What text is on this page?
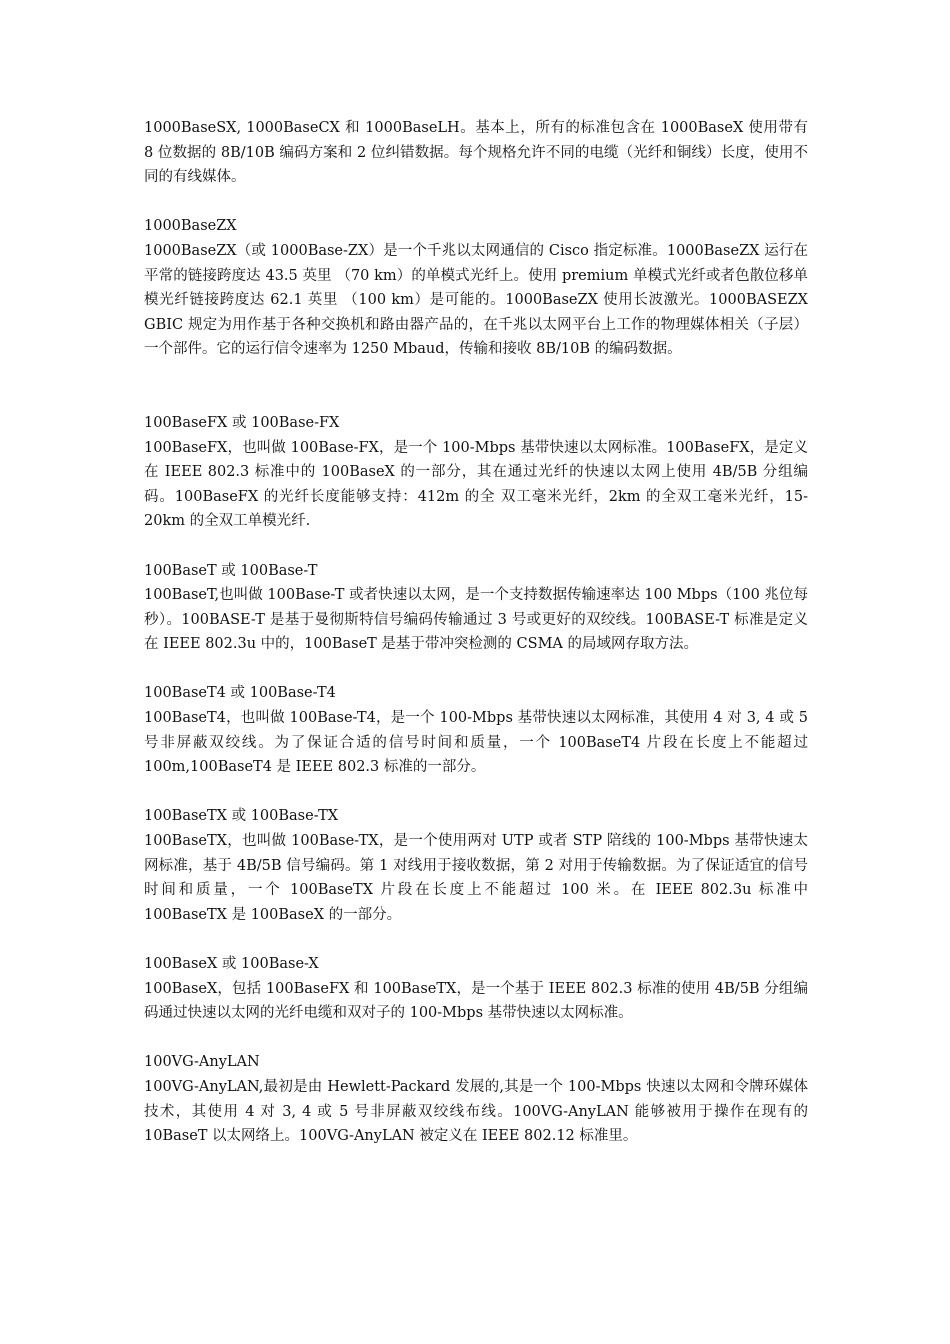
1000BaseSX, 1000BaseCX 和 1000BaseLH。基本上，所有的标准包含在 1000BaseX 使用带有 8 位数据的 8B/10B 编码方案和 2 位纠错数据。每个规格允许不同的电缆（光纤和铜线）长度，使用不同的有线媒体。

1000BaseZX

1000BaseZX（或 1000Base-ZX）是一个千兆以太网通信的 Cisco 指定标准。1000BaseZX 运行在平常的链接跨度达 43.5 英里 （70 km）的单模式光纤上。使用 premium 单模式光纤或者色散位移单模光纤链接跨度达 62.1 英里 （100 km）是可能的。1000BaseZX 使用长波激光。1000BASEZX GBIC 规定为用作基于各种交换机和路由器产品的，在千兆以太网平台上工作的物理媒体相关（子层）一个部件。它的运行信令速率为 1250 Mbaud，传输和接收 8B/10B 的编码数据。

100BaseFX 或 100Base-FX

100BaseFX，也叫做 100Base-FX，是一个 100-Mbps 基带快速以太网标准。100BaseFX，是定义在 IEEE 802.3 标准中的 100BaseX 的一部分，其在通过光纤的快速以太网上使用 4B/5B 分组编码。100BaseFX 的光纤长度能够支持：412m 的全 双工毫米光纤，2km 的全双工毫米光纤，15-20km 的全双工单模光纤.

100BaseT 或 100Base-T

100BaseT,也叫做 100Base-T 或者快速以太网，是一个支持数据传输速率达 100 Mbps（100 兆位每秒）。100BASE-T 是基于曼彻斯特信号编码传输通过 3 号或更好的双绞线。100BASE-T 标准是定义在 IEEE 802.3u 中的，100BaseT 是基于带冲突检测的 CSMA 的局域网存取方法。

100BaseT4 或 100Base-T4

100BaseT4，也叫做 100Base-T4，是一个 100-Mbps 基带快速以太网标准，其使用 4 对 3, 4 或 5 号非屏蔽双绞线。为了保证合适的信号时间和质量，一个 100BaseT4 片段在长度上不能超过 100m,100BaseT4 是 IEEE 802.3 标准的一部分。

100BaseTX 或 100Base-TX

100BaseTX，也叫做 100Base-TX，是一个使用两对 UTP 或者 STP 陪线的 100-Mbps 基带快速太网标准，基于 4B/5B 信号编码。第 1 对线用于接收数据，第 2 对用于传输数据。为了保证适宜的信号时间和质量，一个 100BaseTX 片段在长度上不能超过 100 米。在 IEEE 802.3u 标准中 100BaseTX 是 100BaseX 的一部分。

100BaseX 或 100Base-X

100BaseX，包括 100BaseFX 和 100BaseTX，是一个基于 IEEE 802.3 标准的使用 4B/5B 分组编码通过快速以太网的光纤电缆和双对子的 100-Mbps 基带快速以太网标准。

100VG-AnyLAN

100VG-AnyLAN,最初是由 Hewlett-Packard 发展的,其是一个 100-Mbps 快速以太网和令牌环媒体技术，其使用 4 对 3, 4 或 5 号非屏蔽双绞线布线。100VG-AnyLAN 能够被用于操作在现有的 10BaseT 以太网络上。100VG-AnyLAN 被定义在 IEEE 802.12 标准里。
